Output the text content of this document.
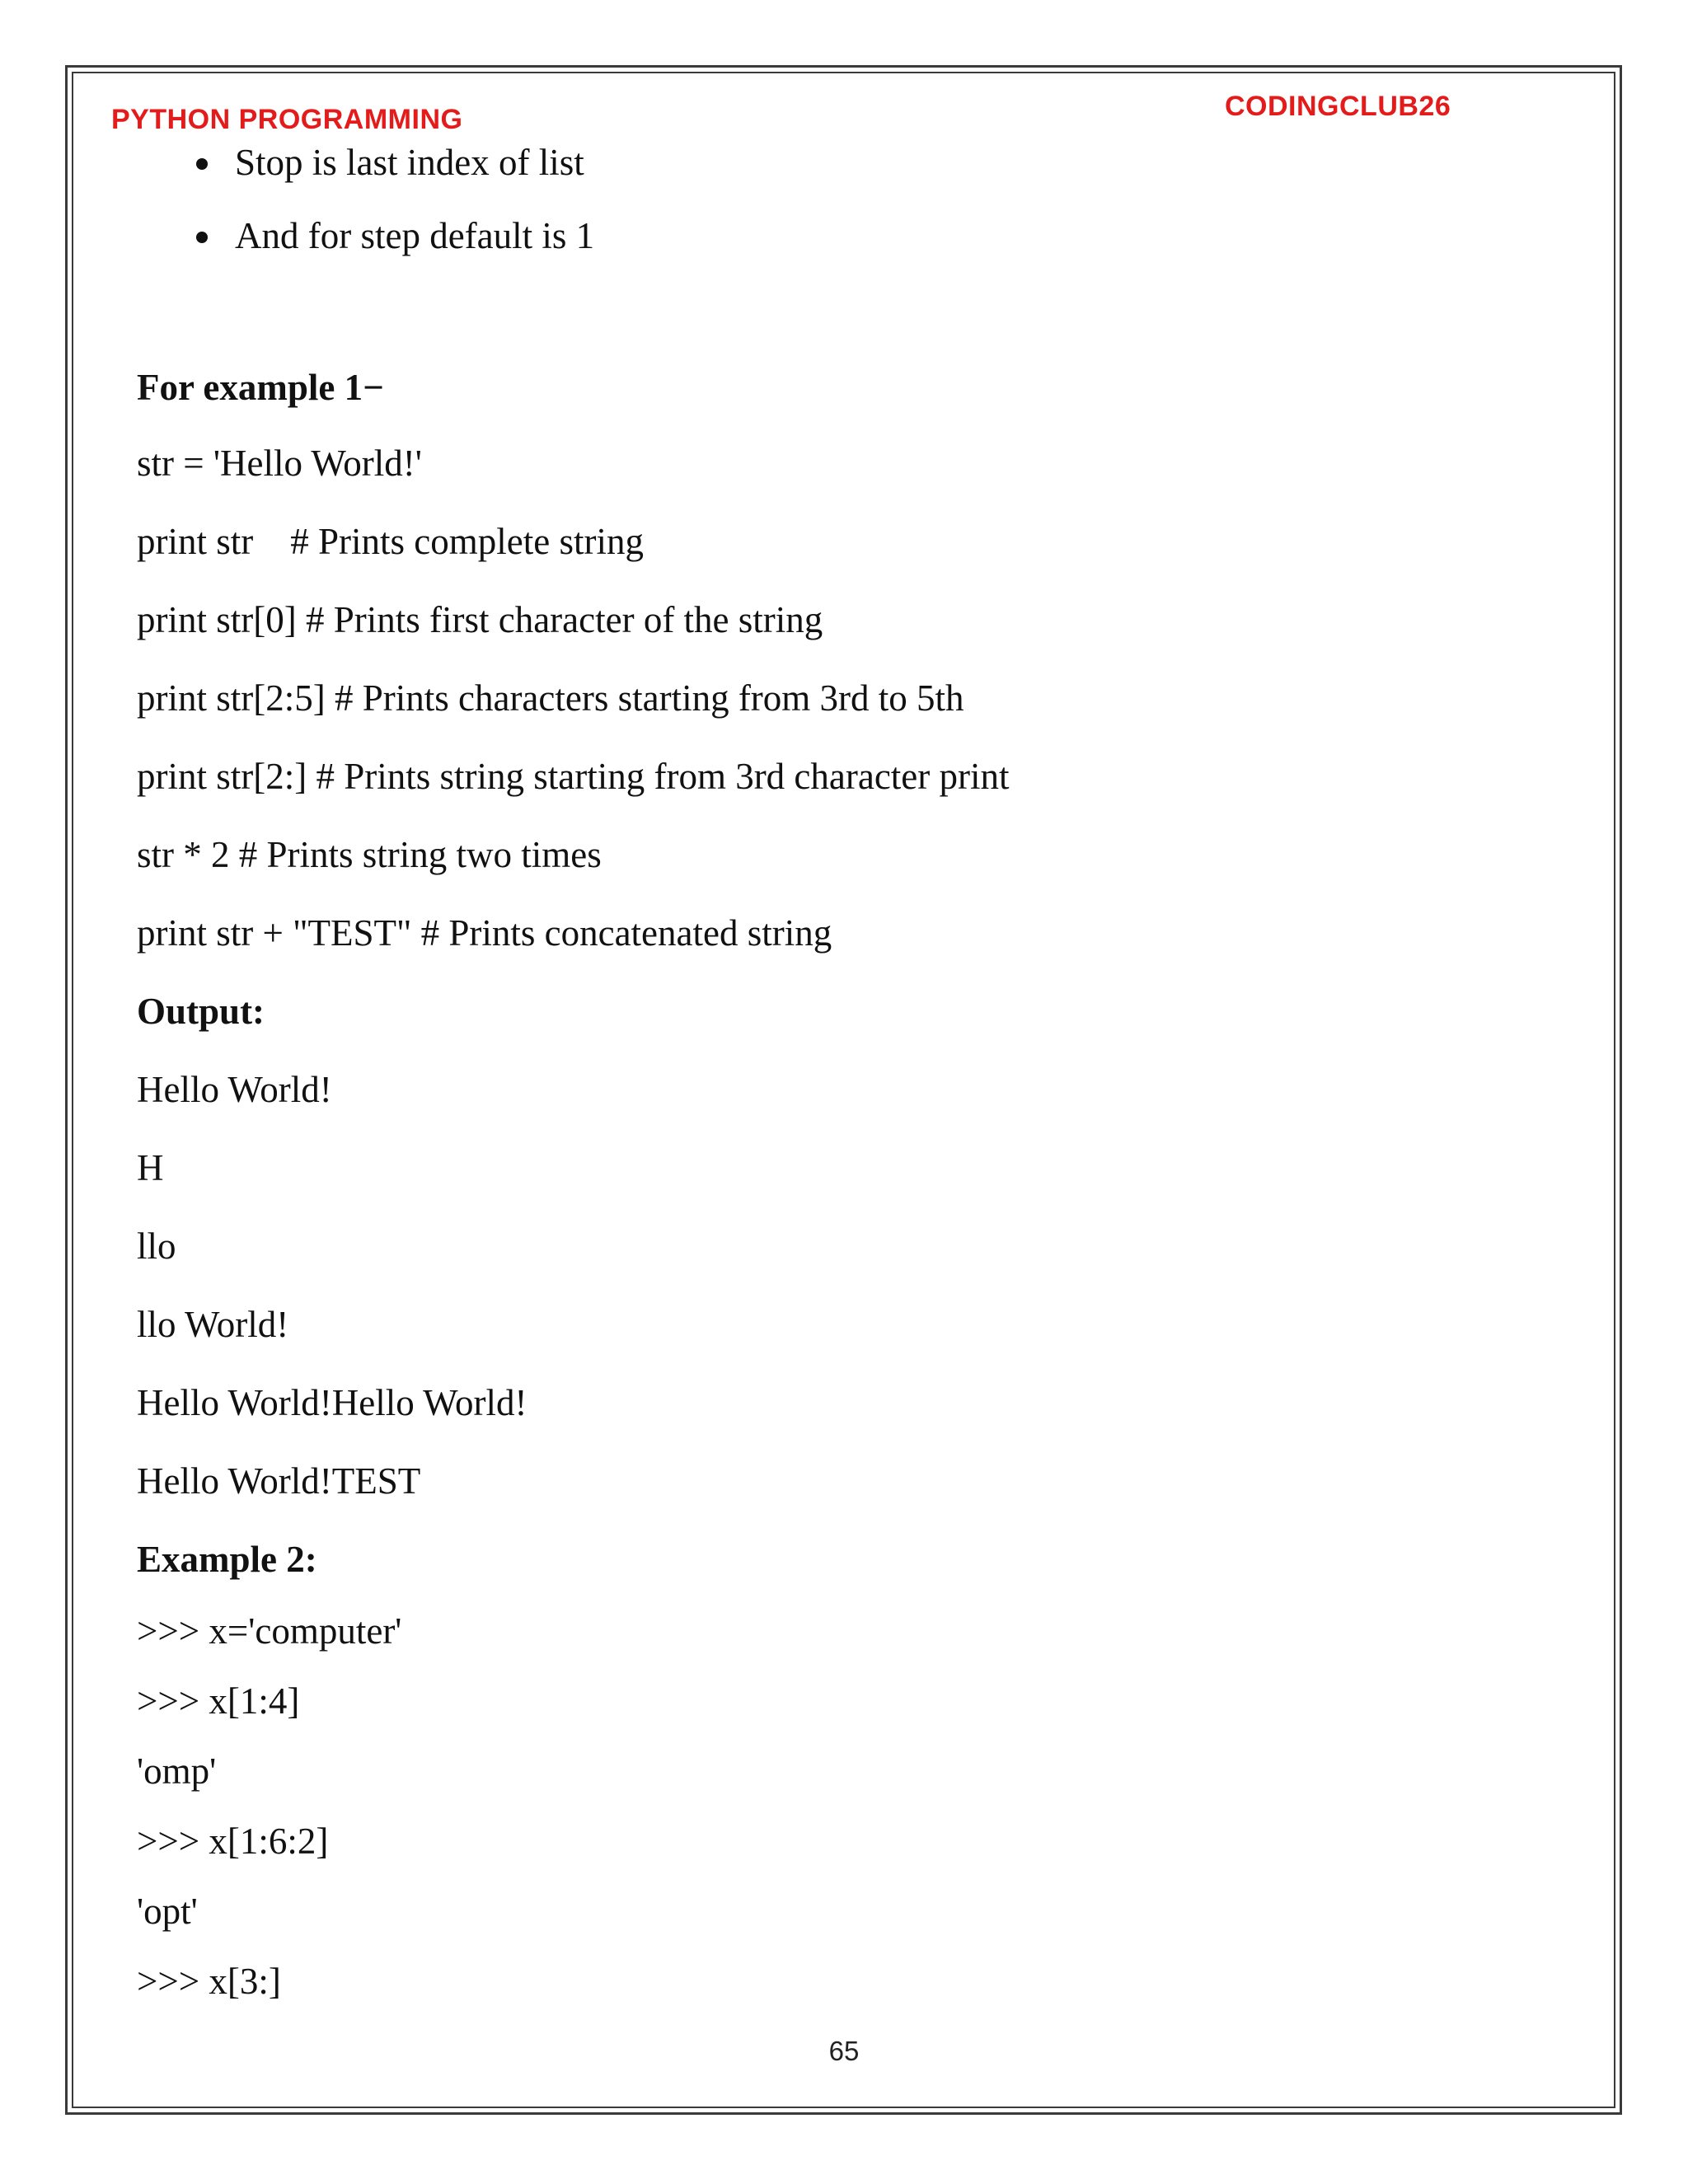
PYTHON PROGRAMMING	CODINGCLUB26
Stop is last index of list
And for step default is 1
For example 1−
str = 'Hello World!'
print str    # Prints complete string
print str[0] # Prints first character of the string
print str[2:5] # Prints characters starting from 3rd to 5th
print str[2:] # Prints string starting from 3rd character print
str * 2 # Prints string two times
print str + "TEST" # Prints concatenated string
Output:
Hello World!
H
llo
llo World!
Hello World!Hello World!
Hello World!TEST
Example 2:
>>> x='computer'
>>> x[1:4]
'omp'
>>> x[1:6:2]
'opt'
>>> x[3:]
65
